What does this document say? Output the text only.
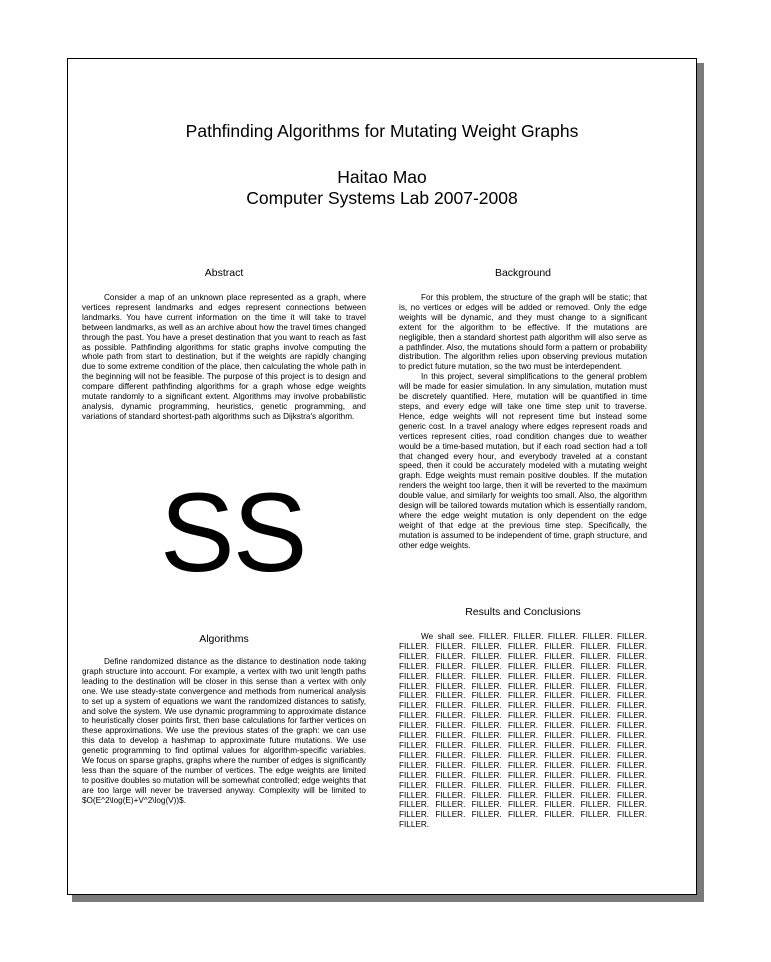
Pathfinding Algorithms for Mutating Weight Graphs
Haitao Mao
Computer Systems Lab 2007-2008
Abstract

Consider a map of an unknown place represented as a graph, where vertices represent landmarks and edges represent connections between landmarks. You have current information on the time it will take to travel between landmarks, as well as an archive about how the travel times changed through the past. You have a preset destination that you want to reach as fast as possible. Pathfinding algorithms for static graphs involve computing the whole path from start to destination, but if the weights are rapidly changing due to some extreme condition of the place, then calculating the whole path in the beginning will not be feasible. The purpose of this project is to design and compare different pathfinding algorithms for a graph whose edge weights mutate randomly to a significant extent. Algorithms may involve probabilistic analysis, dynamic programming, heuristics, genetic programming, and variations of standard shortest-path algorithms such as Dijkstra's algorithm.

SS
Algorithms

Define randomized distance as the distance to destination node taking graph structure into account. For example, a vertex with two unit length paths leading to the destination will be closer in this sense than a vertex with only one. We use steady-state convergence and methods from numerical analysis to set up a system of equations we want the randomized distances to satisfy, and solve the system. We use dynamic programming to approximate distance to heuristically closer points first, then base calculations for farther vertices on these approximations. We use the previous states of the graph: we can use this data to develop a hashmap to approximate future mutations. We use genetic programming to find optimal values for algorithm-specific variables. We focus on sparse graphs, graphs where the number of edges is significantly less than the square of the number of vertices. The edge weights are limited to positive doubles so mutation will be somewhat controlled; edge weights that are too large will never be traversed anyway. Complexity will be limited to $O(E^2\log(E)+V^2\log(V))$.

Background

For this problem, the structure of the graph will be static; that is, no vertices or edges will be added or removed. Only the edge weights will be dynamic, and they must change to a significant extent for the algorithm to be effective. If the mutations are negligible, then a standard shortest path algorithm will also serve as a pathfinder. Also, the mutations should form a pattern or probability distribution. The algorithm relies upon observing previous mutation to predict future mutation, so the two must be interdependent.

In this project, several simplifications to the general problem will be made for easier simulation. In any simulation, mutation must be discretely quantified. Here, mutation will be quantified in time steps, and every edge will take one time step unit to traverse. Hence, edge weights will not represent time but instead some generic cost. In a travel analogy where edges represent roads and vertices represent cities, road condition changes due to weather would be a time-based mutation, but if each road section had a toll that changed every hour, and everybody traveled at a constant speed, then it could be accurately modeled with a mutating weight graph. Edge weights must remain positive doubles. If the mutation renders the weight too large, then it will be reverted to the maximum double value, and similarly for weights too small. Also, the algorithm design will be tailored towards mutation which is essentially random, where the edge weight mutation is only dependent on the edge weight of that edge at the previous time step. Specifically, the mutation is assumed to be independent of time, graph structure, and other edge weights.

Results and Conclusions

We shall see. FILLER. FILLER. FILLER. FILLER. FILLER. FILLER. FILLER. FILLER. FILLER. FILLER. FILLER. FILLER. FILLER. FILLER. FILLER. FILLER. FILLER. FILLER. FILLER. FILLER. FILLER. FILLER. FILLER. FILLER. FILLER. FILLER. FILLER. FILLER. FILLER. FILLER. FILLER. FILLER. FILLER. FILLER. FILLER. FILLER. FILLER. FILLER. FILLER. FILLER. FILLER. FILLER. FILLER. FILLER. FILLER. FILLER. FILLER. FILLER. FILLER. FILLER. FILLER. FILLER. FILLER. FILLER. FILLER. FILLER. FILLER. FILLER. FILLER. FILLER. FILLER. FILLER. FILLER. FILLER. FILLER. FILLER. FILLER. FILLER. FILLER. FILLER. FILLER. FILLER. FILLER. FILLER. FILLER. FILLER. FILLER. FILLER. FILLER. FILLER. FILLER. FILLER. FILLER. FILLER. FILLER. FILLER. FILLER. FILLER. FILLER. FILLER. FILLER. FILLER. FILLER. FILLER. FILLER. FILLER. FILLER. FILLER. FILLER. FILLER. FILLER. FILLER. FILLER. FILLER. FILLER. FILLER. FILLER. FILLER. FILLER. FILLER. FILLER. FILLER. FILLER. FILLER. FILLER. FILLER. FILLER. FILLER. FILLER. FILLER. FILLER. FILLER. FILLER. FILLER. FILLER. FILLER. FILLER. FILLER. FILLER. FILLER. FILLER. FILLER.
